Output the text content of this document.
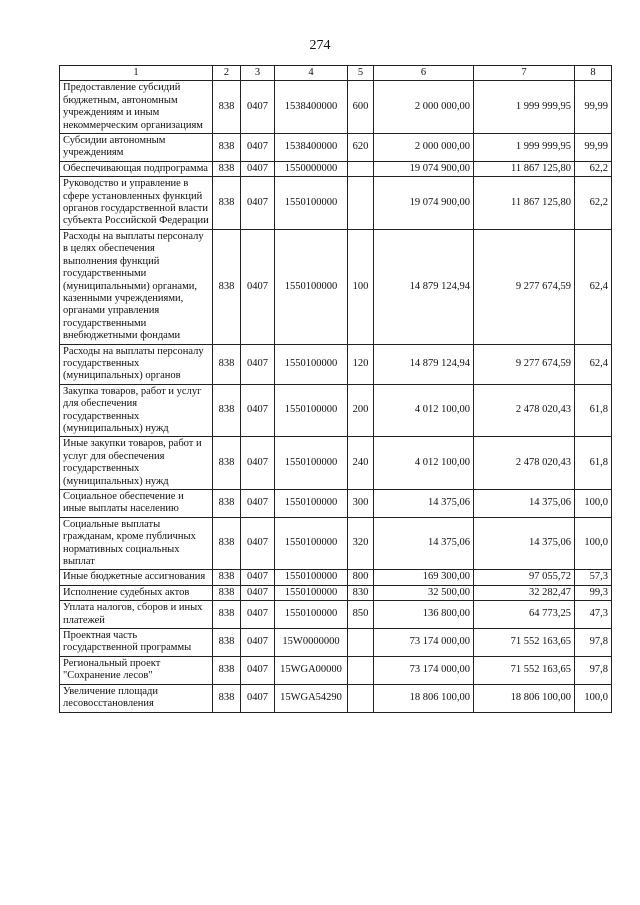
274
1	2	3	4	5	6	7	8
Предоставление субсидий бюджетным, автономным учреждениям и иным некоммерческим организациям	838	0407	1538400000	600	2 000 000,00	1 999 999,95	99,99
Субсидии автономным учреждениям	838	0407	1538400000	620	2 000 000,00	1 999 999,95	99,99
Обеспечивающая подпрограмма	838	0407	1550000000		19 074 900,00	11 867 125,80	62,2
Руководство и управление в сфере установленных функций органов государственной власти субъекта Российской Федерации	838	0407	1550100000		19 074 900,00	11 867 125,80	62,2
Расходы на выплаты персоналу в целях обеспечения выполнения функций государственными (муниципальными) органами, казенными учреждениями, органами управления государственными внебюджетными фондами	838	0407	1550100000	100	14 879 124,94	9 277 674,59	62,4
Расходы на выплаты персоналу государственных (муниципальных) органов	838	0407	1550100000	120	14 879 124,94	9 277 674,59	62,4
Закупка товаров, работ и услуг для обеспечения государственных (муниципальных) нужд	838	0407	1550100000	200	4 012 100,00	2 478 020,43	61,8
Иные закупки товаров, работ и услуг для обеспечения государственных (муниципальных) нужд	838	0407	1550100000	240	4 012 100,00	2 478 020,43	61,8
Социальное обеспечение и иные выплаты населению	838	0407	1550100000	300	14 375,06	14 375,06	100,0
Социальные выплаты гражданам, кроме публичных нормативных социальных выплат	838	0407	1550100000	320	14 375,06	14 375,06	100,0
Иные бюджетные ассигнования	838	0407	1550100000	800	169 300,00	97 055,72	57,3
Исполнение судебных актов	838	0407	1550100000	830	32 500,00	32 282,47	99,3
Уплата налогов, сборов и иных платежей	838	0407	1550100000	850	136 800,00	64 773,25	47,3
Проектная часть государственной программы	838	0407	15W0000000		73 174 000,00	71 552 163,65	97,8
Региональный проект "Сохранение лесов"	838	0407	15WGA00000		73 174 000,00	71 552 163,65	97,8
Увеличение площади лесовосстановления	838	0407	15WGA54290		18 806 100,00	18 806 100,00	100,0
